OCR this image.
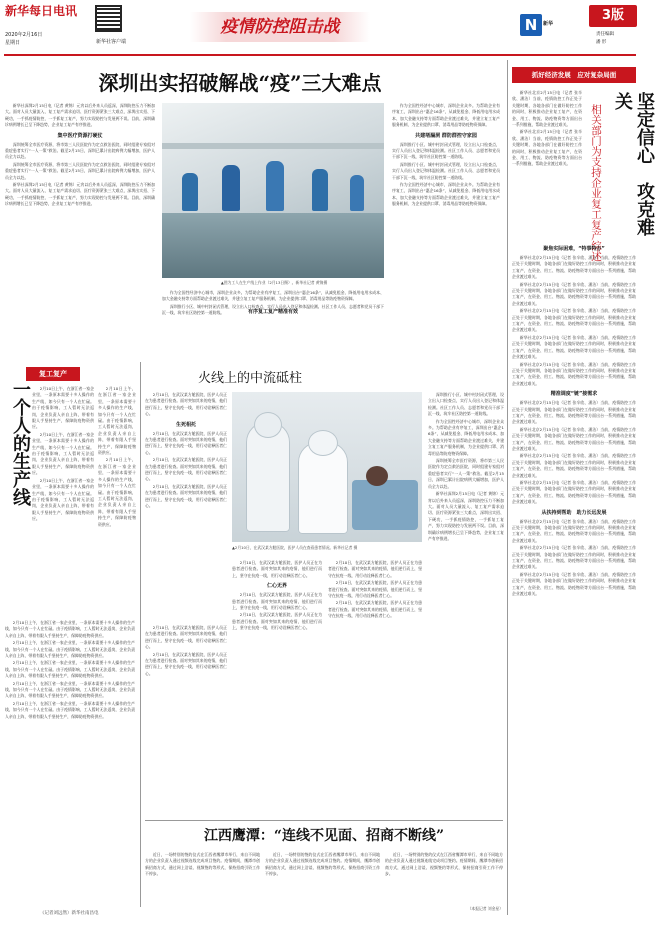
新华每日电讯
2020年2月16日
星期日	新华社客户端
疫情防控阻击战	N	新华
3版
责任编辑
潘 形
深圳出实招破解战“疫”三大难点

新华社深圳2月15日电（记者 黄锦）元宵以后外来人员返深，深圳防控压力不断加大。面对人员大量流入、复工复产需求迫切、医疗资源紧张三大难点，深圳出实招、下硬功，一手抓疫情防控，一手抓复工复产，努力实现防控与发展两不误。目前，深圳确诊病例增长已呈下降趋势，企业复工复产有序推进。

集中医疗资源打硬仗

深圳统筹全市医疗资源，将市第三人民医院作为定点救治医院，同时组建专家组对重症患者实行“一人一策”救治。截至2月15日，深圳已累计出院病例大幅增加，医护人员全力以赴。

深圳统筹全市医疗资源，将市第三人民医院作为定点救治医院，同时组建专家组对重症患者实行“一人一策”救治。截至2月15日，深圳已累计出院病例大幅增加，医护人员全力以赴。

新华社深圳2月15日电（记者 黄锦）元宵以后外来人员返深，深圳防控压力不断加大。面对人员大量流入、复工复产需求迫切、医疗资源紧张三大难点，深圳出实招、下硬功，一手抓疫情防控，一手抓复工复产，努力实现防控与发展两不误。目前，深圳确诊病例增长已呈下降趋势，企业复工复产有序推进。

▲图为工人在生产线上作业（2月13日摄）。新华社记者 黄锦摄

作为全国性经济中心城市，深圳企业众多。为帮助企业有序复工，深圳出台“惠企16条”，从减免租金、降低用电用水成本、加大金融支持等方面帮助企业渡过难关，并建立复工复产服务机制，为企业提供口罩、消毒用品等防疫物资保障。

深圳推行小区、城中村封闭式管理，设立出入口检查点，实行人员出入登记和体温检测。社区工作人员、志愿者和党员干部下沉一线，筑牢社区防控第一道防线。

作为全国性经济中心城市，深圳企业众多。为帮助企业有序复工，深圳出台“惠企16条”，从减免租金、降低用电用水成本、加大金融支持等方面帮助企业渡过难关，并建立复工复产服务机制，为企业提供口罩、消毒用品等防疫物资保障。

共建堵漏洞 群防群控守家园

深圳推行小区、城中村封闭式管理，设立出入口检查点，实行人员出入登记和体温检测。社区工作人员、志愿者和党员干部下沉一线，筑牢社区防控第一道防线。

深圳推行小区、城中村封闭式管理，设立出入口检查点，实行人员出入登记和体温检测。社区工作人员、志愿者和党员干部下沉一线，筑牢社区防控第一道防线。

作为全国性经济中心城市，深圳企业众多。为帮助企业有序复工，深圳出台“惠企16条”，从减免租金、降低用电用水成本、加大金融支持等方面帮助企业渡过难关，并建立复工复产服务机制，为企业提供口罩、消毒用品等防疫物资保障。

有序复工复产精准有效
复工复产
一个人的生产线	2月10日上午，在浙江省一家企业里，一条原本需要十多人操作的生产线，如今只有一个人在忙碌。由于疫情影响，工人暂时无法返岗，企业负责人亲自上阵，带着有限人手坚持生产，保障防疫物资供应。

2月10日上午，在浙江省一家企业里，一条原本需要十多人操作的生产线，如今只有一个人在忙碌。由于疫情影响，工人暂时无法返岗，企业负责人亲自上阵，带着有限人手坚持生产，保障防疫物资供应。

2月10日上午，在浙江省一家企业里，一条原本需要十多人操作的生产线，如今只有一个人在忙碌。由于疫情影响，工人暂时无法返岗，企业负责人亲自上阵，带着有限人手坚持生产，保障防疫物资供应。

2月10日上午，在浙江省一家企业里，一条原本需要十多人操作的生产线，如今只有一个人在忙碌。由于疫情影响，工人暂时无法返岗，企业负责人亲自上阵，带着有限人手坚持生产，保障防疫物资供应。

2月10日上午，在浙江省一家企业里，一条原本需要十多人操作的生产线，如今只有一个人在忙碌。由于疫情影响，工人暂时无法返岗，企业负责人亲自上阵，带着有限人手坚持生产，保障防疫物资供应。

2月10日上午，在浙江省一家企业里，一条原本需要十多人操作的生产线，如今只有一个人在忙碌。由于疫情影响，工人暂时无法返岗，企业负责人亲自上阵，带着有限人手坚持生产，保障防疫物资供应。

2月10日上午，在浙江省一家企业里，一条原本需要十多人操作的生产线，如今只有一个人在忙碌。由于疫情影响，工人暂时无法返岗，企业负责人亲自上阵，带着有限人手坚持生产，保障防疫物资供应。

2月10日上午，在浙江省一家企业里，一条原本需要十多人操作的生产线，如今只有一个人在忙碌。由于疫情影响，工人暂时无法返岗，企业负责人亲自上阵，带着有限人手坚持生产，保障防疫物资供应。

2月10日上午，在浙江省一家企业里，一条原本需要十多人操作的生产线，如今只有一个人在忙碌。由于疫情影响，工人暂时无法返岗，企业负责人亲自上阵，带着有限人手坚持生产，保障防疫物资供应。

2月10日上午，在浙江省一家企业里，一条原本需要十多人操作的生产线，如今只有一个人在忙碌。由于疫情影响，工人暂时无法返岗，企业负责人亲自上阵，带着有限人手坚持生产，保障防疫物资供应。

《记者刘远然）新华社南昌电
火线上的中流砥柱

2月10日，在武汉某方舱医院，医护人员正在为患者进行检查。面对突如其来的疫情，他们逆行而上，坚守在抗疫一线，用行动诠释医者仁心。

生死相托

2月10日，在武汉某方舱医院，医护人员正在为患者进行检查。面对突如其来的疫情，他们逆行而上，坚守在抗疫一线，用行动诠释医者仁心。

2月10日，在武汉某方舱医院，医护人员正在为患者进行检查。面对突如其来的疫情，他们逆行而上，坚守在抗疫一线，用行动诠释医者仁心。

2月10日，在武汉某方舱医院，医护人员正在为患者进行检查。面对突如其来的疫情，他们逆行而上，坚守在抗疫一线，用行动诠释医者仁心。

▲2月10日，在武汉某方舱医院，医护人员在查看患者情况。新华社记者 摄

2月10日，在武汉某方舱医院，医护人员正在为患者进行检查。面对突如其来的疫情，他们逆行而上，坚守在抗疫一线，用行动诠释医者仁心。

仁心无界

2月10日，在武汉某方舱医院，医护人员正在为患者进行检查。面对突如其来的疫情，他们逆行而上，坚守在抗疫一线，用行动诠释医者仁心。

2月10日，在武汉某方舱医院，医护人员正在为患者进行检查。面对突如其来的疫情，他们逆行而上，坚守在抗疫一线，用行动诠释医者仁心。

2月10日，在武汉某方舱医院，医护人员正在为患者进行检查。面对突如其来的疫情，他们逆行而上，坚守在抗疫一线，用行动诠释医者仁心。

2月10日，在武汉某方舱医院，医护人员正在为患者进行检查。面对突如其来的疫情，他们逆行而上，坚守在抗疫一线，用行动诠释医者仁心。

2月10日，在武汉某方舱医院，医护人员正在为患者进行检查。面对突如其来的疫情，他们逆行而上，坚守在抗疫一线，用行动诠释医者仁心。

2月10日，在武汉某方舱医院，医护人员正在为患者进行检查。面对突如其来的疫情，他们逆行而上，坚守在抗疫一线，用行动诠释医者仁心。

2月10日，在武汉某方舱医院，医护人员正在为患者进行检查。面对突如其来的疫情，他们逆行而上，坚守在抗疫一线，用行动诠释医者仁心。

深圳推行小区、城中村封闭式管理，设立出入口检查点，实行人员出入登记和体温检测。社区工作人员、志愿者和党员干部下沉一线，筑牢社区防控第一道防线。

作为全国性经济中心城市，深圳企业众多。为帮助企业有序复工，深圳出台“惠企16条”，从减免租金、降低用电用水成本、加大金融支持等方面帮助企业渡过难关，并建立复工复产服务机制，为企业提供口罩、消毒用品等防疫物资保障。

深圳统筹全市医疗资源，将市第三人民医院作为定点救治医院，同时组建专家组对重症患者实行“一人一策”救治。截至2月15日，深圳已累计出院病例大幅增加，医护人员全力以赴。

新华社深圳2月15日电（记者 黄锦）元宵以后外来人员返深，深圳防控压力不断加大。面对人员大量流入、复工复产需求迫切、医疗资源紧张三大难点，深圳出实招、下硬功，一手抓疫情防控，一手抓复工复产，努力实现防控与发展两不误。目前，深圳确诊病例增长已呈下降趋势，企业复工复产有序推进。

江西鹰潭：“连线不见面、招商不断线”

近日，一场特别的签约仪式在江西省鹰潭市举行，来自不同地方的企业负责人通过视频连线完成项目签约。疫情期间，鹰潭市创新招商方式，通过网上洽谈、视频签约等形式，保持招商引资工作不停步。

近日，一场特别的签约仪式在江西省鹰潭市举行，来自不同地方的企业负责人通过视频连线完成项目签约。疫情期间，鹰潭市创新招商方式，通过网上洽谈、视频签约等形式，保持招商引资工作不停步。

近日，一场特别的签约仪式在江西省鹰潭市举行，来自不同地方的企业负责人通过视频连线完成项目签约。疫情期间，鹰潭市创新招商方式，通过网上洽谈、视频签约等形式，保持招商引资工作不停步。

（本报记者 刘金星）
抓好经济发展　应对复杂局面

新华社北京2月15日电（记者 张辛欣、潘洁）当前，疫情防控工作正处于关键时期，各地各部门在做好防控工作的同时，积极推动企业复工复产，在资金、用工、物流、防疫物资等方面出台一系列措施，帮助企业渡过难关。

新华社北京2月15日电（记者 张辛欣、潘洁）当前，疫情防控工作正处于关键时期，各地各部门在做好防控工作的同时，积极推动企业复工复产，在资金、用工、物流、防疫物资等方面出台一系列措施，帮助企业渡过难关。	坚定信心　攻克难关
相关部门为支持企业复工复产综述
聚焦实际困难，“特事特办”

新华社北京2月15日电（记者 张辛欣、潘洁）当前，疫情防控工作正处于关键时期，各地各部门在做好防控工作的同时，积极推动企业复工复产，在资金、用工、物流、防疫物资等方面出台一系列措施，帮助企业渡过难关。

新华社北京2月15日电（记者 张辛欣、潘洁）当前，疫情防控工作正处于关键时期，各地各部门在做好防控工作的同时，积极推动企业复工复产，在资金、用工、物流、防疫物资等方面出台一系列措施，帮助企业渡过难关。

新华社北京2月15日电（记者 张辛欣、潘洁）当前，疫情防控工作正处于关键时期，各地各部门在做好防控工作的同时，积极推动企业复工复产，在资金、用工、物流、防疫物资等方面出台一系列措施，帮助企业渡过难关。

新华社北京2月15日电（记者 张辛欣、潘洁）当前，疫情防控工作正处于关键时期，各地各部门在做好防控工作的同时，积极推动企业复工复产，在资金、用工、物流、防疫物资等方面出台一系列措施，帮助企业渡过难关。

新华社北京2月15日电（记者 张辛欣、潘洁）当前，疫情防控工作正处于关键时期，各地各部门在做好防控工作的同时，积极推动企业复工复产，在资金、用工、物流、防疫物资等方面出台一系列措施，帮助企业渡过难关。

精准调度“链”接需求

新华社北京2月15日电（记者 张辛欣、潘洁）当前，疫情防控工作正处于关键时期，各地各部门在做好防控工作的同时，积极推动企业复工复产，在资金、用工、物流、防疫物资等方面出台一系列措施，帮助企业渡过难关。

新华社北京2月15日电（记者 张辛欣、潘洁）当前，疫情防控工作正处于关键时期，各地各部门在做好防控工作的同时，积极推动企业复工复产，在资金、用工、物流、防疫物资等方面出台一系列措施，帮助企业渡过难关。

新华社北京2月15日电（记者 张辛欣、潘洁）当前，疫情防控工作正处于关键时期，各地各部门在做好防控工作的同时，积极推动企业复工复产，在资金、用工、物流、防疫物资等方面出台一系列措施，帮助企业渡过难关。

新华社北京2月15日电（记者 张辛欣、潘洁）当前，疫情防控工作正处于关键时期，各地各部门在做好防控工作的同时，积极推动企业复工复产，在资金、用工、物流、防疫物资等方面出台一系列措施，帮助企业渡过难关。

从扶持到帮助　助力长远发展

新华社北京2月15日电（记者 张辛欣、潘洁）当前，疫情防控工作正处于关键时期，各地各部门在做好防控工作的同时，积极推动企业复工复产，在资金、用工、物流、防疫物资等方面出台一系列措施，帮助企业渡过难关。

新华社北京2月15日电（记者 张辛欣、潘洁）当前，疫情防控工作正处于关键时期，各地各部门在做好防控工作的同时，积极推动企业复工复产，在资金、用工、物流、防疫物资等方面出台一系列措施，帮助企业渡过难关。

新华社北京2月15日电（记者 张辛欣、潘洁）当前，疫情防控工作正处于关键时期，各地各部门在做好防控工作的同时，积极推动企业复工复产，在资金、用工、物流、防疫物资等方面出台一系列措施，帮助企业渡过难关。
